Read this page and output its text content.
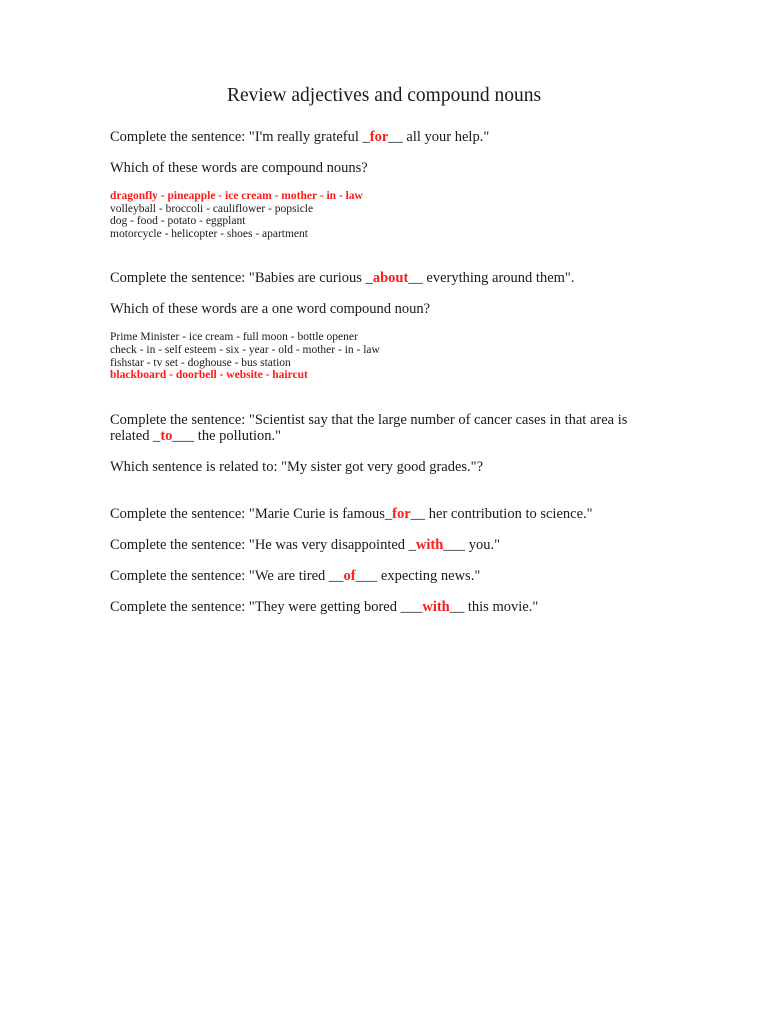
Review adjectives and compound nouns

Complete the sentence: "I'm really grateful _for__ all your help."

Which of these words are compound nouns?

dragonfly - pineapple - ice cream - mother - in - law
volleyball - broccoli - cauliflower - popsicle
dog - food - potato - eggplant
motorcycle - helicopter - shoes - apartment

Complete the sentence: "Babies are curious _about__ everything around them".

Which of these words are a one word compound noun?

Prime Minister - ice cream - full moon - bottle opener
check - in - self esteem - six - year - old - mother - in - law
fishstar - tv set - doghouse - bus station
blackboard - doorbell - website - haircut

Complete the sentence: "Scientist say that the large number of cancer cases in that area is related _to___ the pollution."

Which sentence is related to: "My sister got very good grades."?

Complete the sentence: "Marie Curie is famous_for__ her contribution to science."

Complete the sentence: "He was very disappointed _with___ you."

Complete the sentence: "We are tired __of___ expecting news."

Complete the sentence: "They were getting bored ___with__ this movie."
